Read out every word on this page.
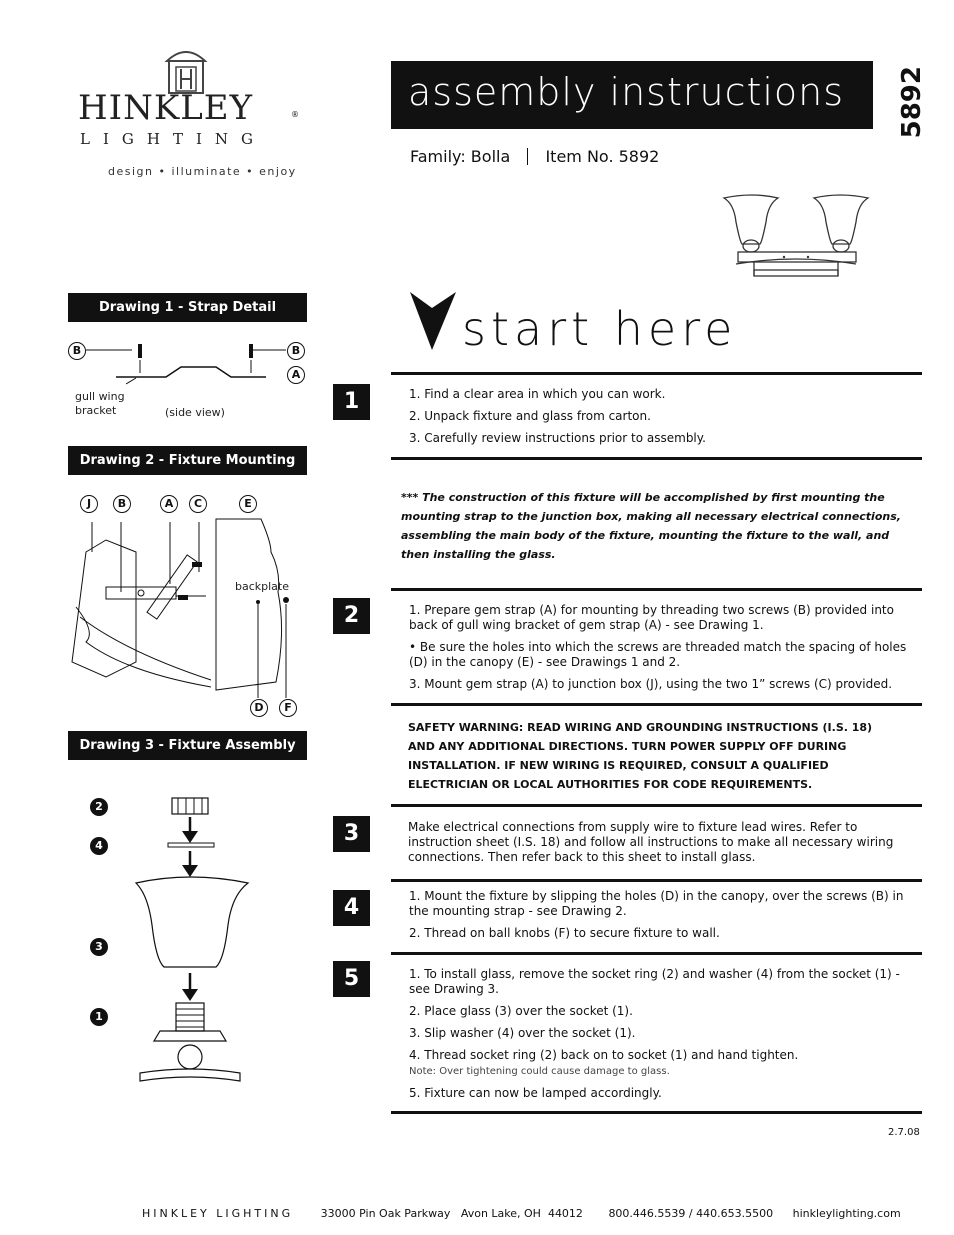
HINKLEY	®
LIGHTING
design • illuminate • enjoy
assembly instructions 5892
Family: Bolla Item No. 5892
start here
Drawing 1 - Strap Detail
B	B
A
gull wing bracket	(side view)
Drawing 2 - Fixture Mounting
J	B	A	C	E
backplate
D	F
Drawing 3 - Fixture Assembly
2
4
3
1
1	1. Find a clear area in which you can work.

2. Unpack fixture and glass from carton.

3. Carefully review instructions prior to assembly.

*** The construction of this fixture will be accomplished by first mounting the mounting strap to the junction box, making all necessary electrical connections, assembling the main body of the fixture, mounting the fixture to the wall, and then installing the glass.
2	1. Prepare gem strap (A) for mounting by threading two screws (B) provided into back of gull wing bracket of gem strap (A) - see Drawing 1.

• Be sure the holes into which the screws are threaded match the spacing of holes (D) in the canopy (E) - see Drawings 1 and 2.

3. Mount gem strap (A) to junction box (J), using the two 1” screws (C) provided.

SAFETY WARNING: READ WIRING AND GROUNDING INSTRUCTIONS (I.S. 18) AND ANY ADDITIONAL DIRECTIONS. TURN POWER SUPPLY OFF DURING INSTALLATION. IF NEW WIRING IS REQUIRED, CONSULT A QUALIFIED ELECTRICIAN OR LOCAL AUTHORITIES FOR CODE REQUIREMENTS.
3	Make electrical connections from supply wire to fixture lead wires. Refer to instruction sheet (I.S. 18) and follow all instructions to make all necessary wiring connections. Then refer back to this sheet to install glass.
4	1. Mount the fixture by slipping the holes (D) in the canopy, over the screws (B) in the mounting strap - see Drawing 2.

2. Thread on ball knobs (F) to secure fixture to wall.

5	1. To install glass, remove the socket ring (2) and washer (4) from the socket (1) - see Drawing 3.

2. Place glass (3) over the socket (1).

3. Slip washer (4) over the socket (1).

4. Thread socket ring (2) back on to socket (1) and hand tighten.

Note: Over tightening could cause damage to glass.

5. Fixture can now be lamped accordingly.

2.7.08
HINKLEY LIGHTING	33000 Pin Oak Parkway   Avon Lake, OH  44012 800.446.5539 / 440.653.5500 hinkleylighting.com
